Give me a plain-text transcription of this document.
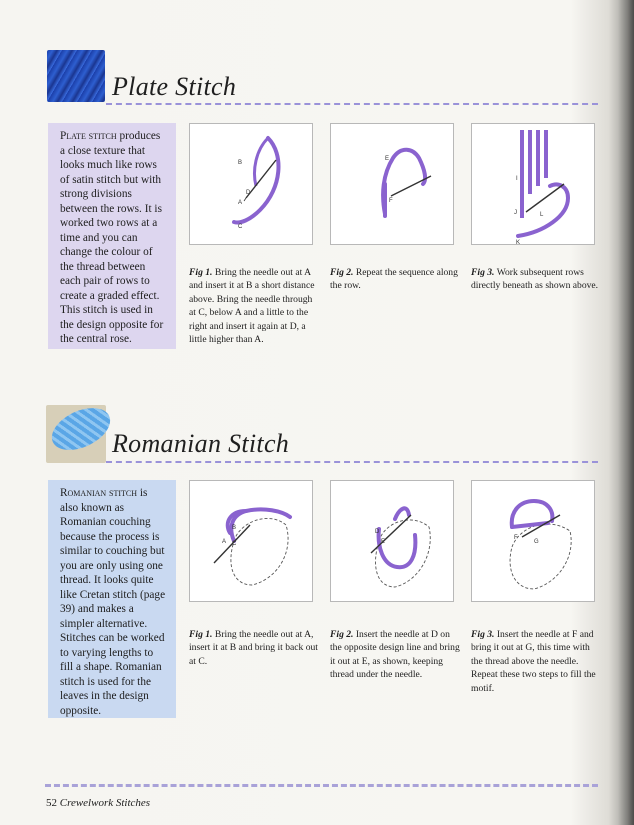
Plate Stitch
Plate stitch produces a close texture that looks much like rows of satin stitch but with strong divisions between the rows. It is worked two rows at a time and you can change the colour of the thread between each pair of rows to create a graded effect. This stitch is used in the design opposite for the central rose.
B
D
A
C
Fig 1. Bring the needle out at A and insert it at B a short distance above. Bring the needle through at C, below A and a little to the right and insert it again at D, a little higher than A.
E
F
Fig 2. Repeat the sequence along the row.
I
J	L
K
Fig 3. Work subsequent rows directly beneath as shown above.
Romanian Stitch
Romanian stitch is also known as Romanian couching because the process is similar to couching but you are only using one thread. It looks quite like Cretan stitch (page 39) and makes a simpler alternative. Stitches can be worked to varying lengths to fill a shape. Romanian stitch is used for the leaves in the design opposite.
B
A C
Fig 1. Bring the needle out at A, insert it at B and bring it back out at C.
D
E
Fig 2. Insert the needle at D on the opposite design line and bring it out at E, as shown, keeping thread under the needle.
F
G
Fig 3. Insert the needle at F and bring it out at G, this time with the thread above the needle. Repeat these two steps to fill the motif.
52 Crewelwork Stitches
